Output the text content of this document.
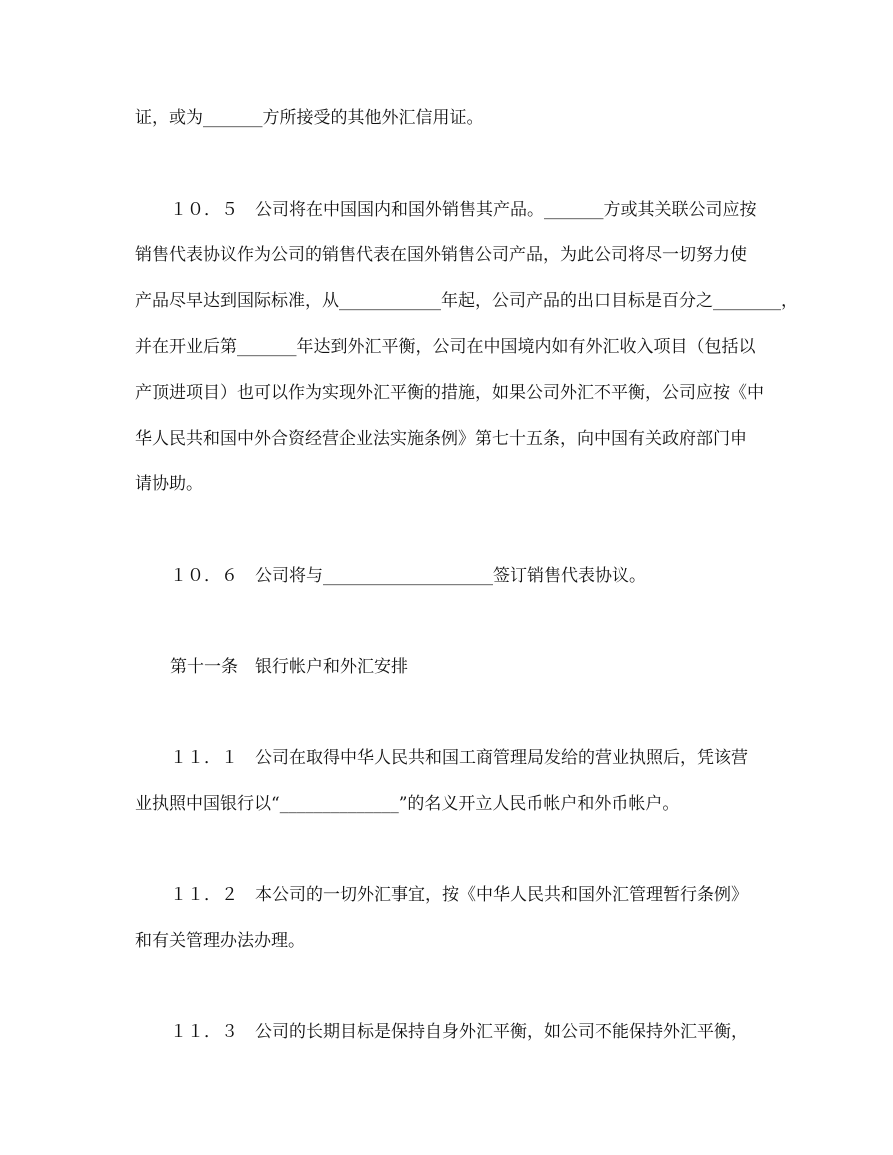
证，或为_______方所接受的其他外汇信用证。
１０．５　公司将在中国国内和国外销售其产品。_______方或其关联公司应按
销售代表协议作为公司的销售代表在国外销售公司产品，为此公司将尽一切努力使
产品尽早达到国际标准，从____________年起，公司产品的出口目标是百分之________，
并在开业后第_______年达到外汇平衡，公司在中国境内如有外汇收入项目（包括以
产顶进项目）也可以作为实现外汇平衡的措施，如果公司外汇不平衡，公司应按《中
华人民共和国中外合资经营企业法实施条例》第七十五条，向中国有关政府部门申
请协助。
１０．６　公司将与____________________签订销售代表协议。
第十一条　银行帐户和外汇安排
１１．１　公司在取得中华人民共和国工商管理局发给的营业执照后，凭该营
业执照中国银行以“______________”的名义开立人民币帐户和外币帐户。
１１．２　本公司的一切外汇事宜，按《中华人民共和国外汇管理暂行条例》
和有关管理办法办理。
１１．３　公司的长期目标是保持自身外汇平衡，如公司不能保持外汇平衡，
